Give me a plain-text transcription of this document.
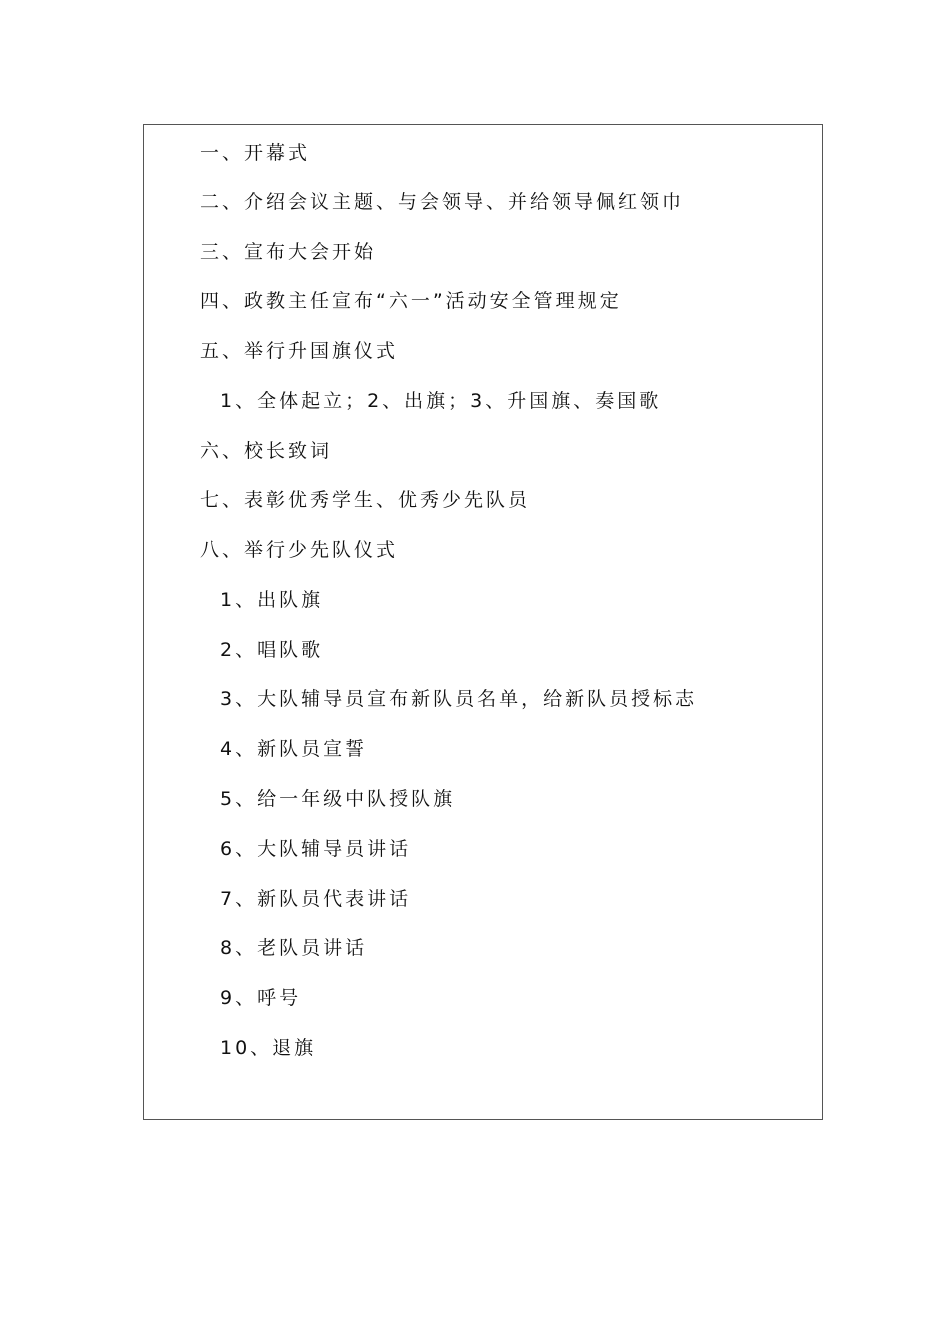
一、开幕式
二、介绍会议主题、与会领导、并给领导佩红领巾
三、宣布大会开始
四、政教主任宣布“六一”活动安全管理规定
五、举行升国旗仪式
1、全体起立；2、出旗；3、升国旗、奏国歌
六、校长致词
七、表彰优秀学生、优秀少先队员
八、举行少先队仪式
1、出队旗
2、唱队歌
3、大队辅导员宣布新队员名单，给新队员授标志
4、新队员宣誓
5、给一年级中队授队旗
6、大队辅导员讲话
7、新队员代表讲话
8、老队员讲话
9、呼号
10、退旗
